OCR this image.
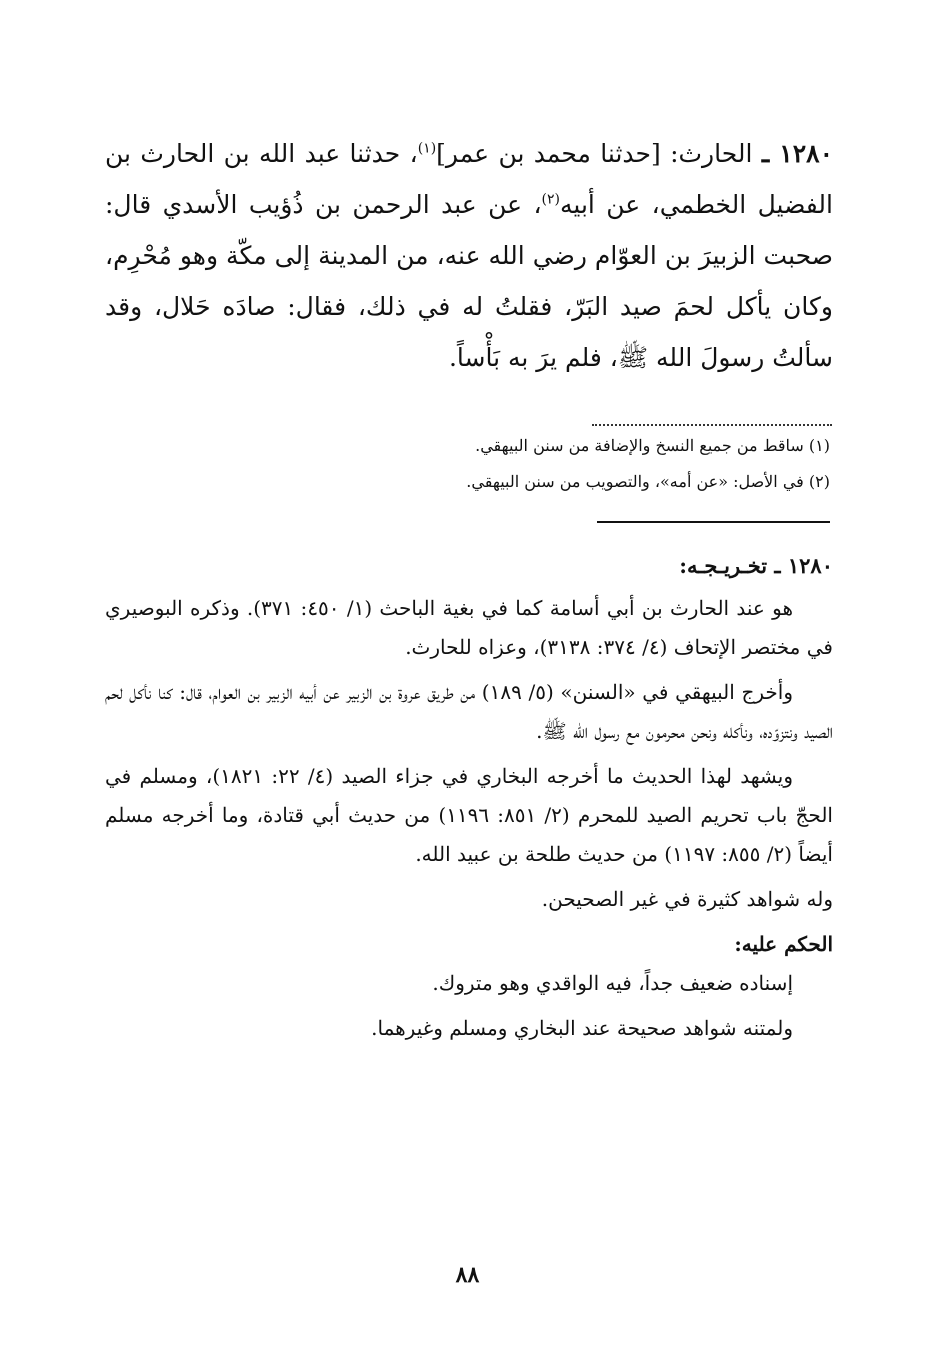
١٢٨٠ ـ الحارث: [حدثنا محمد بن عمر]$^{(١)}$، حدثنا عبد الله بن الحارث بن الفضيل الخطمي، عن أبيه$^{(٢)}$، عن عبد الرحمن بن ذُؤيب الأسدي قال: صحبت الزبيرَ بن العوّام رضي الله عنه، من المدينة إلى مكّة وهو مُحْرِم، وكان يأكل لحمَ صيد البَرّ، فقلتُ له في ذلك، فقال: صادَه حَلال، وقد سألتُ رسولَ الله ﷺ، فلم يرَ به بَأْساً.
(١) ساقط من جميع النسخ والإضافة من سنن البيهقي.
(٢) في الأصل: «عن أمه»، والتصويب من سنن البيهقي.
١٢٨٠ ـ تخـريـجـه:

هو عند الحارث بن أبي أسامة كما في بغية الباحث (١/ ٤٥٠: ٣٧١). وذكره البوصيري في مختصر الإتحاف (٤/ ٣٧٤: ٣١٣٨)، وعزاه للحارث.

وأخرج البيهقي في «السنن» (٥/ ١٨٩) من طريق عروة بن الزبير عن أبيه الزبير بن العوام، قال: كنا نأكل لحم الصيد ونتزوّده، ونأكله ونحن محرمون مع رسول الله ﷺ.

ويشهد لهذا الحديث ما أخرجه البخاري في جزاء الصيد (٤/ ٢٢: ١٨٢١)، ومسلم في الحجّ باب تحريم الصيد للمحرم (٢/ ٨٥١: ١١٩٦) من حديث أبي قتادة، وما أخرجه مسلم أيضاً (٢/ ٨٥٥: ١١٩٧) من حديث طلحة بن عبيد الله.

وله شواهد كثيرة في غير الصحيحن.

الحكم عليه:

إسناده ضعيف جداً، فيه الواقدي وهو متروك.

ولمتنه شواهد صحيحة عند البخاري ومسلم وغيرهما.

٨٨
